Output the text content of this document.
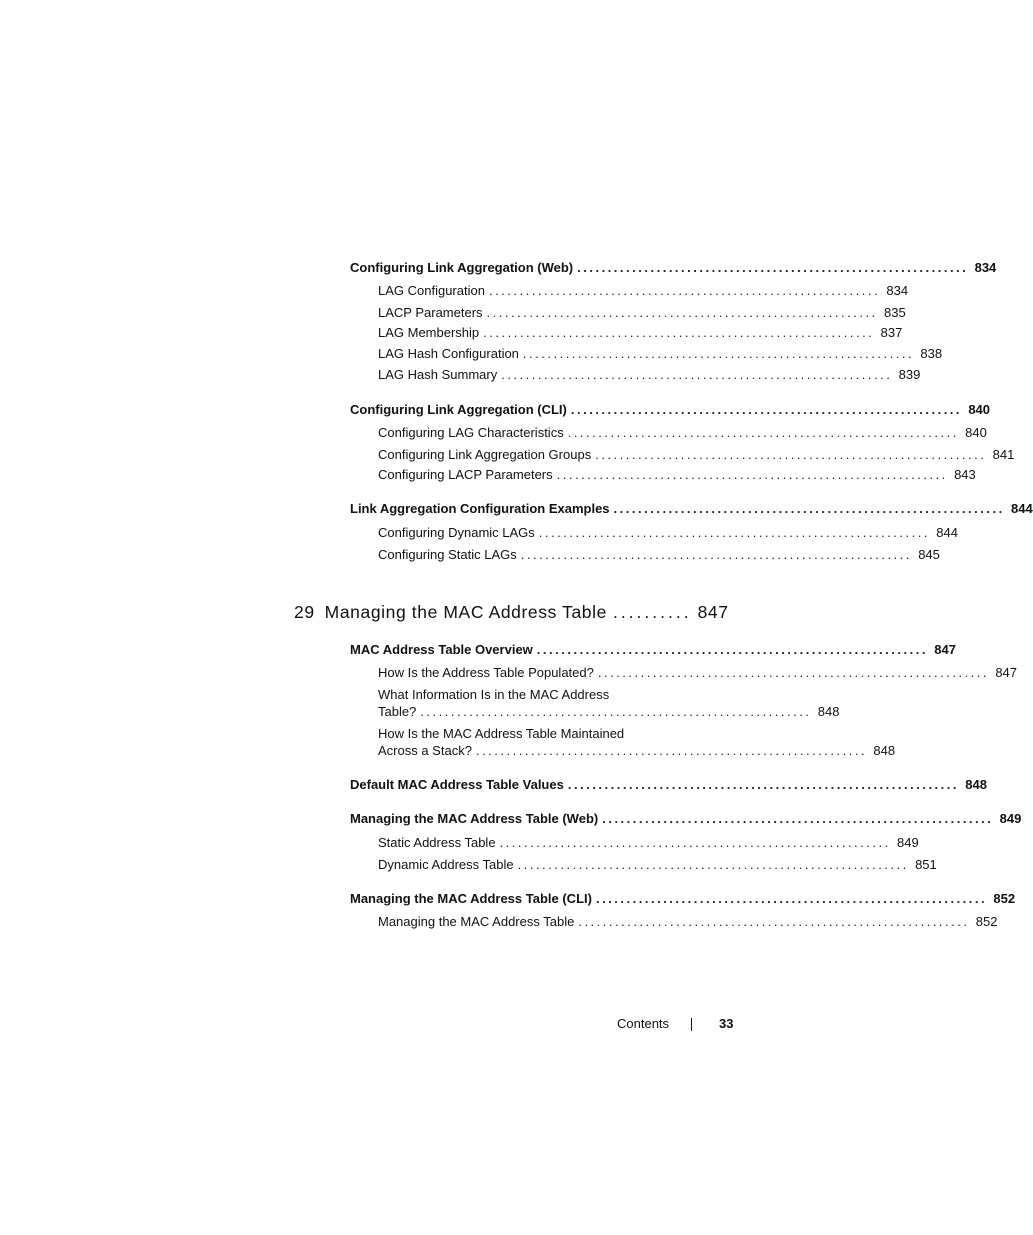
Configuring Link Aggregation (Web) ................................................................ 834
LAG Configuration ................................................................ 834
LACP Parameters ................................................................ 835
LAG Membership ................................................................ 837
LAG Hash Configuration ................................................................ 838
LAG Hash Summary ................................................................ 839
Configuring Link Aggregation (CLI) ................................................................ 840
Configuring LAG Characteristics ................................................................ 840
Configuring Link Aggregation Groups ................................................................ 841
Configuring LACP Parameters ................................................................ 843
Link Aggregation Configuration Examples ................................................................ 844
Configuring Dynamic LAGs ................................................................ 844
Configuring Static LAGs ................................................................ 845
29 Managing the MAC Address Table .......... 847
MAC Address Table Overview ................................................................ 847
How Is the Address Table Populated? ................................................................ 847
What Information Is in the MAC Address
Table? ................................................................ 848
How Is the MAC Address Table Maintained
Across a Stack? ................................................................ 848
Default MAC Address Table Values ................................................................ 848
Managing the MAC Address Table (Web) ................................................................ 849
Static Address Table ................................................................ 849
Dynamic Address Table ................................................................ 851
Managing the MAC Address Table (CLI) ................................................................ 852
Managing the MAC Address Table ................................................................ 852
Contents	33
